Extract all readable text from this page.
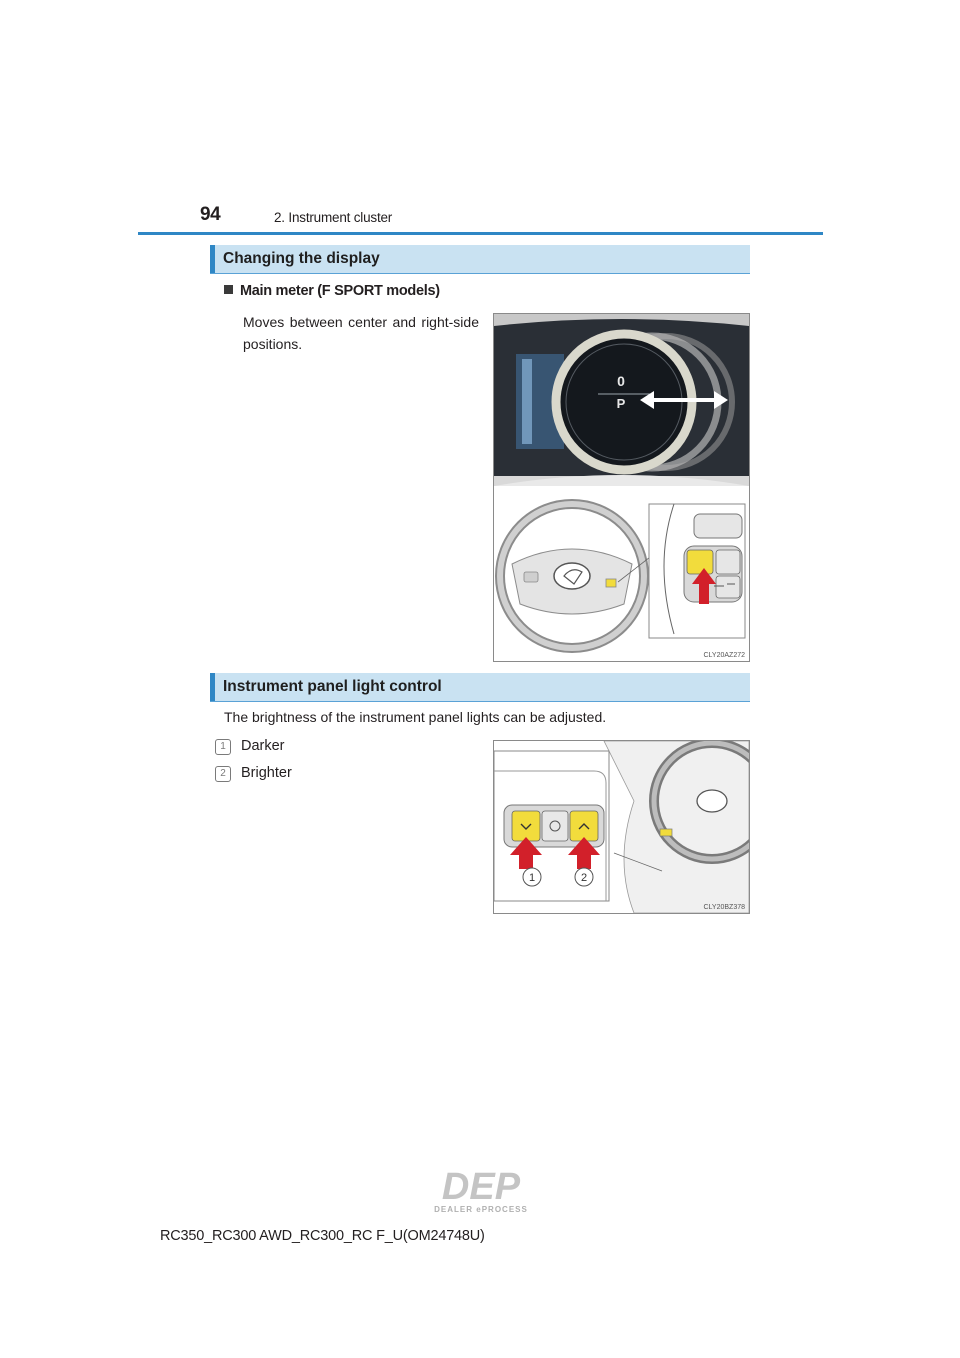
94	2. Instrument cluster
Changing the display
Main meter (F SPORT models)
Moves between center and right-side positions.
0
P
CLY20AZ272
Instrument panel light control
The brightness of the instrument panel lights can be adjusted.
1 Darker
2 Brighter
1	2
CLY20BZ378
DEP
DEALER ePROCESS
RC350_RC300 AWD_RC300_RC F_U(OM24748U)
